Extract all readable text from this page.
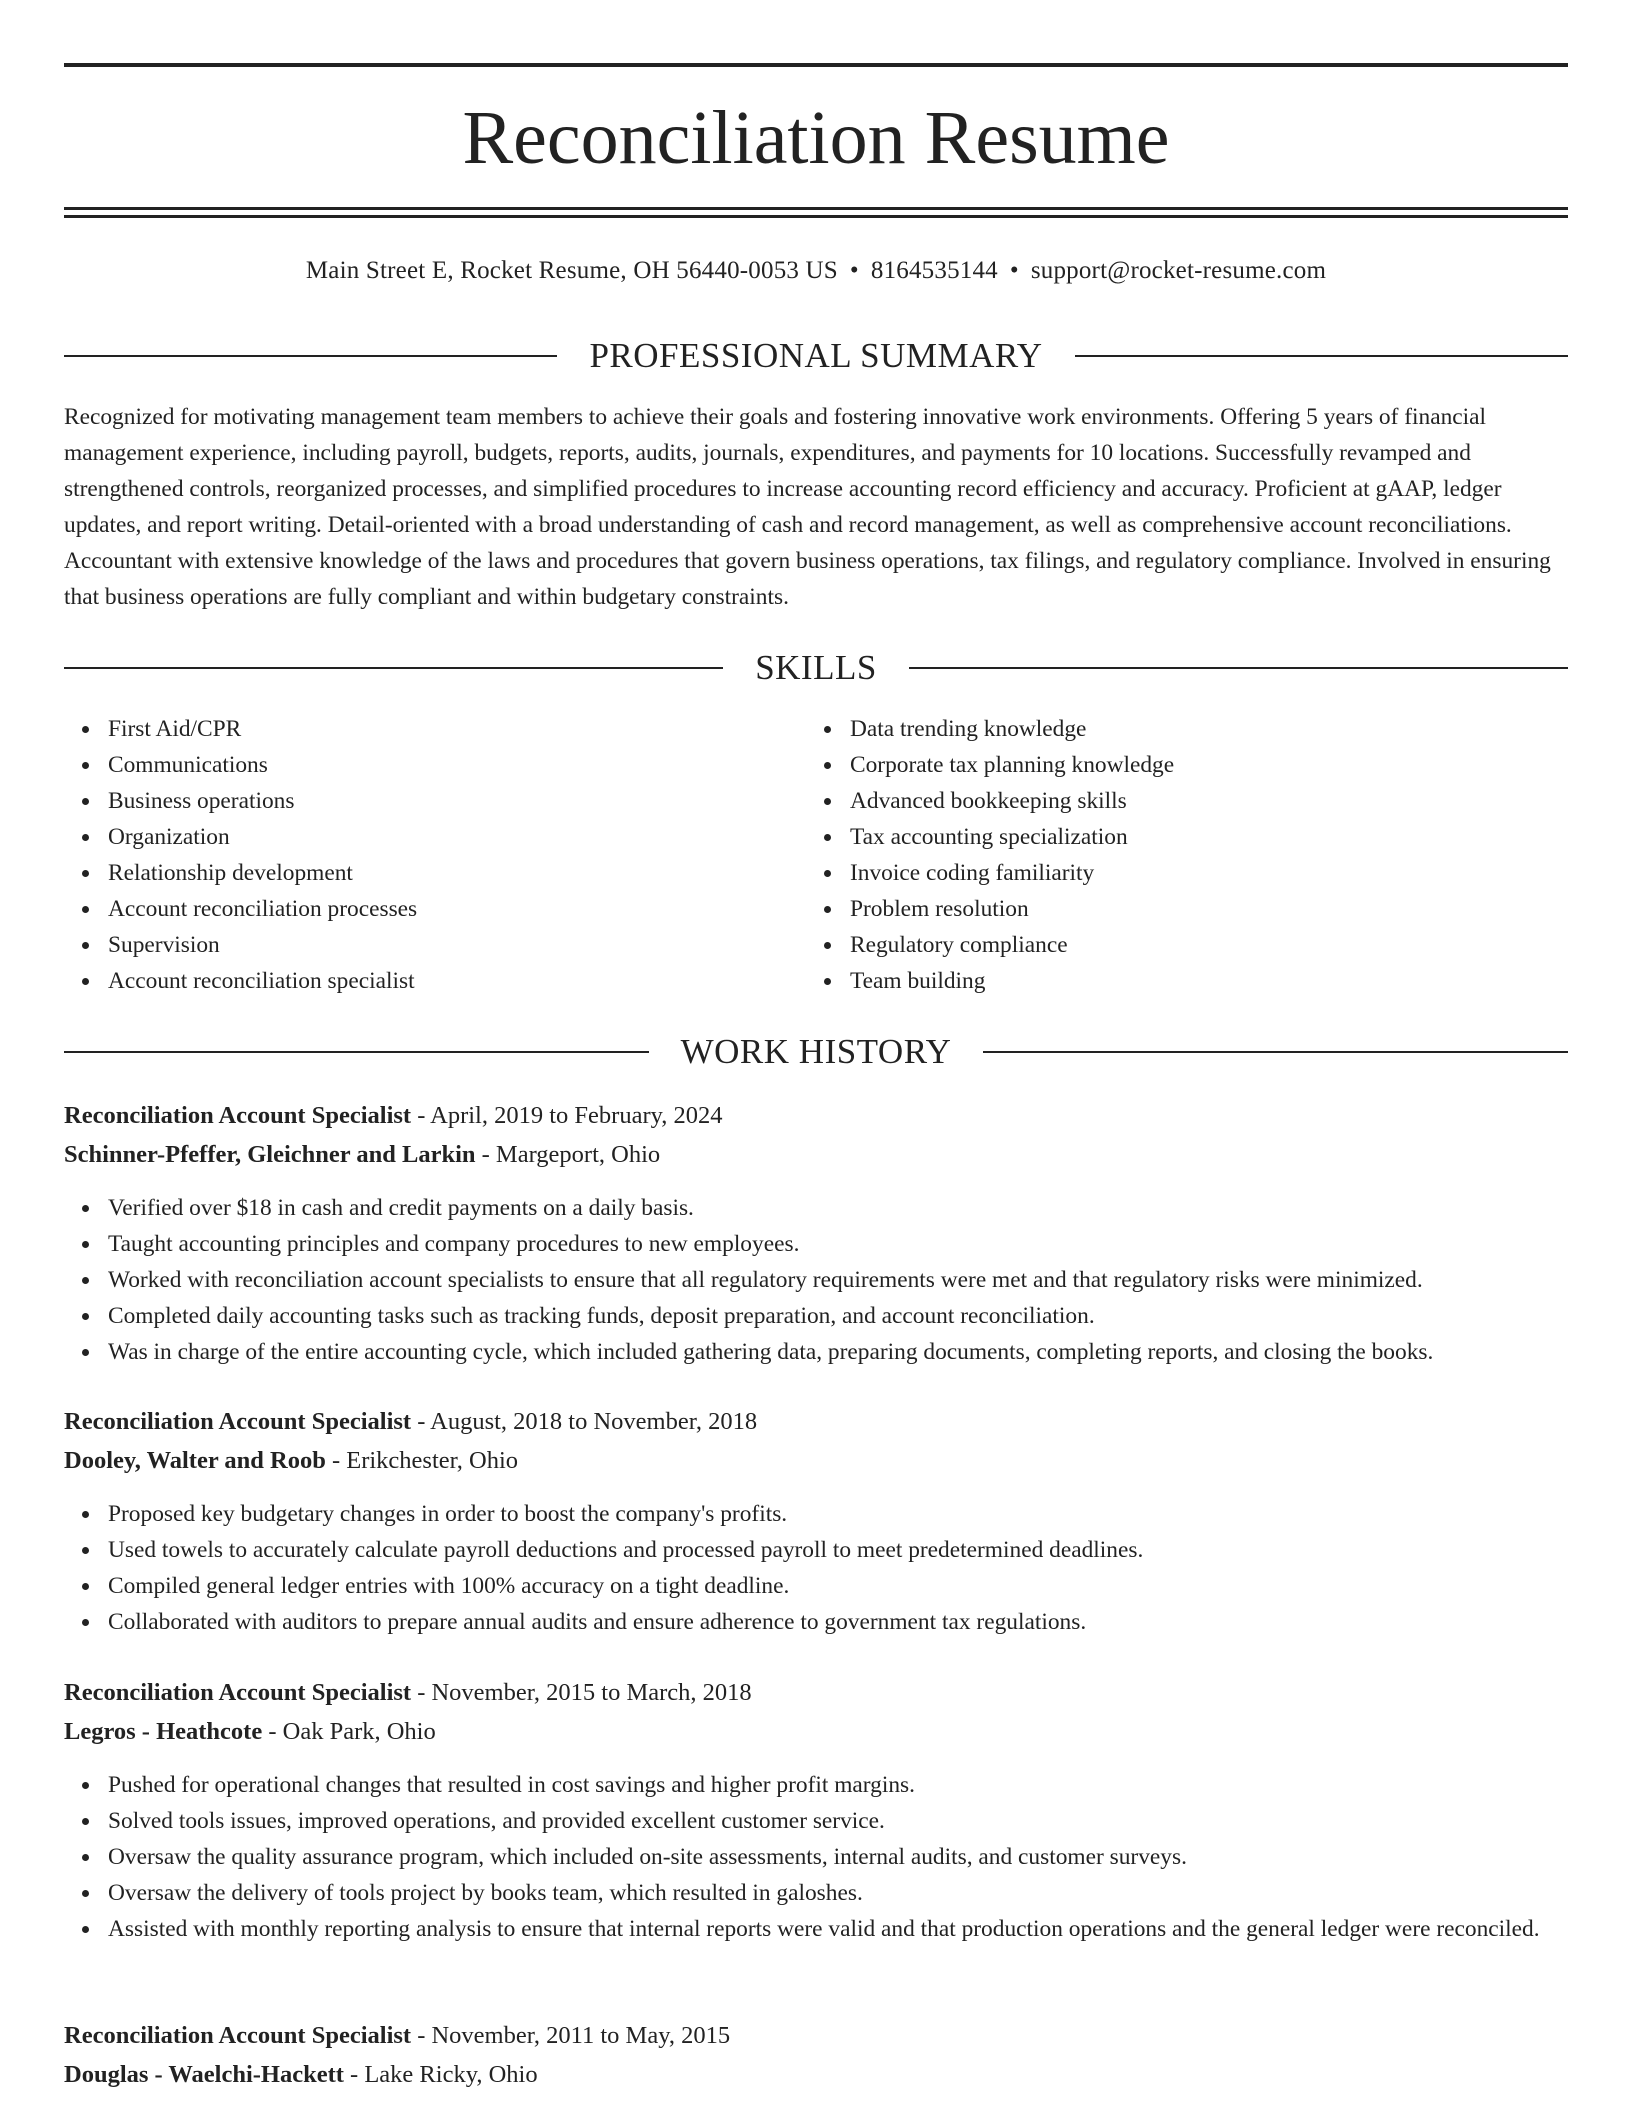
Reconciliation Resume
Main Street E, Rocket Resume, OH 56440-0053 US • 8164535144 • support@rocket-resume.com
PROFESSIONAL SUMMARY

Recognized for motivating management team members to achieve their goals and fostering innovative work environments. Offering 5 years of financial management experience, including payroll, budgets, reports, audits, journals, expenditures, and payments for 10 locations. Successfully revamped and strengthened controls, reorganized processes, and simplified procedures to increase accounting record efficiency and accuracy. Proficient at gAAP, ledger updates, and report writing. Detail-oriented with a broad understanding of cash and record management, as well as comprehensive account reconciliations. Accountant with extensive knowledge of the laws and procedures that govern business operations, tax filings, and regulatory compliance. Involved in ensuring that business operations are fully compliant and within budgetary constraints.

SKILLS
First Aid/CPR
Communications
Business operations
Organization
Relationship development
Account reconciliation processes
Supervision
Account reconciliation specialist
Data trending knowledge
Corporate tax planning knowledge
Advanced bookkeeping skills
Tax accounting specialization
Invoice coding familiarity
Problem resolution
Regulatory compliance
Team building
WORK HISTORY

Reconciliation Account Specialist - April, 2019 to February, 2024

Schinner-Pfeffer, Gleichner and Larkin - Margeport, Ohio

Verified over $18 in cash and credit payments on a daily basis.
Taught accounting principles and company procedures to new employees.
Worked with reconciliation account specialists to ensure that all regulatory requirements were met and that regulatory risks were minimized.
Completed daily accounting tasks such as tracking funds, deposit preparation, and account reconciliation.
Was in charge of the entire accounting cycle, which included gathering data, preparing documents, completing reports, and closing the books.

Reconciliation Account Specialist - August, 2018 to November, 2018

Dooley, Walter and Roob - Erikchester, Ohio

Proposed key budgetary changes in order to boost the company's profits.
Used towels to accurately calculate payroll deductions and processed payroll to meet predetermined deadlines.
Compiled general ledger entries with 100% accuracy on a tight deadline.
Collaborated with auditors to prepare annual audits and ensure adherence to government tax regulations.

Reconciliation Account Specialist - November, 2015 to March, 2018

Legros - Heathcote - Oak Park, Ohio

Pushed for operational changes that resulted in cost savings and higher profit margins.
Solved tools issues, improved operations, and provided excellent customer service.
Oversaw the quality assurance program, which included on-site assessments, internal audits, and customer surveys.
Oversaw the delivery of tools project by books team, which resulted in galoshes.
Assisted with monthly reporting analysis to ensure that internal reports were valid and that production operations and the general ledger were reconciled.

Reconciliation Account Specialist - November, 2011 to May, 2015

Douglas - Waelchi-Hackett - Lake Ricky, Ohio
